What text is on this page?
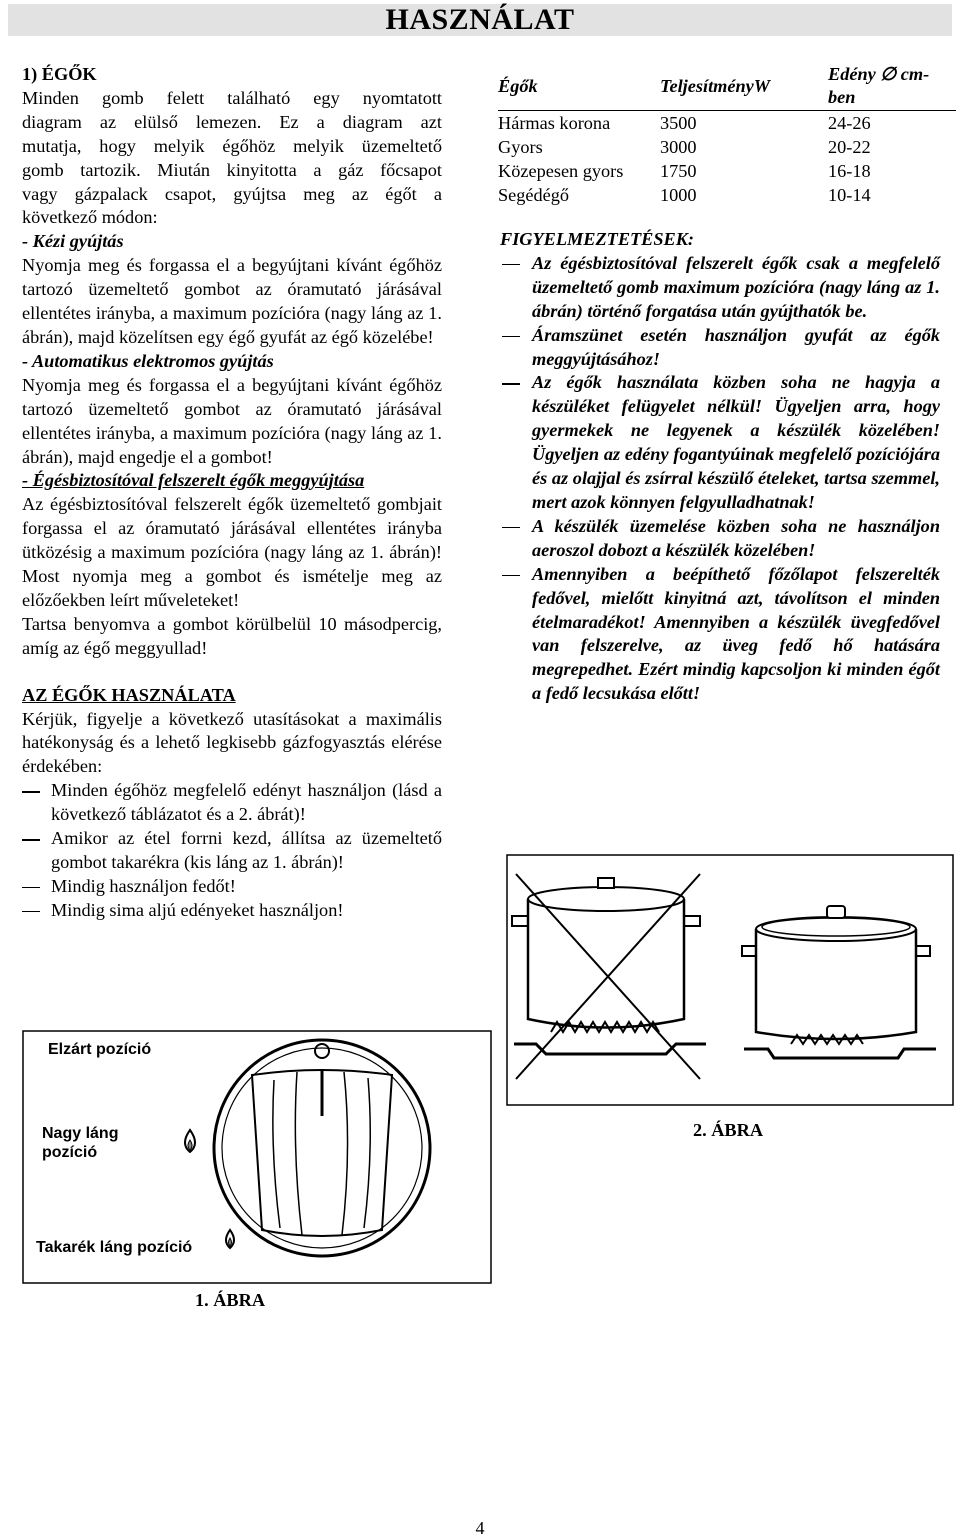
HASZNÁLAT

1) ÉGŐK

Minden gomb felett található egy nyomtatott
diagram az elülső lemezen. Ez a diagram azt
mutatja, hogy melyik égőhöz melyik üzemeltető
gomb tartozik. Miután kinyitotta a gáz főcsapot
vagy gázpalack csapot, gyújtsa meg az égőt a
következő módon:

- Kézi gyújtás

Nyomja meg és forgassa el a begyújtani kívánt égőhöz tartozó üzemeltető gombot az óramutató járásával ellentétes irányba, a maximum pozícióra (nagy láng az 1. ábrán), majd közelítsen egy égő gyufát az égő közelébe!

- Automatikus elektromos gyújtás

Nyomja meg és forgassa el a begyújtani kívánt égőhöz tartozó üzemeltető gombot az óramutató járásával ellentétes irányba, a maximum pozícióra (nagy láng az 1. ábrán), majd engedje el a gombot!

- Égésbiztosítóval felszerelt égők meggyújtása

Az égésbiztosítóval felszerelt égők üzemeltető gombjait forgassa el az óramutató járásával ellentétes irányba ütközésig a maximum pozícióra (nagy láng az 1. ábrán)! Most nyomja meg a gombot és ismételje meg az előzőekben leírt műveleteket!

Tartsa benyomva a gombot körülbelül 10 másodpercig, amíg az égő meggyullad!

AZ ÉGŐK HASZNÁLATA

Kérjük, figyelje a következő utasításokat a maximális hatékonyság és a lehető legkisebb gázfogyasztás elérése érdekében:

Minden égőhöz megfelelő edényt használjon (lásd a következő táblázatot és a 2. ábrát)!
Amikor az étel forrni kezd, állítsa az üzemeltető gombot takarékra (kis láng az 1. ábrán)!
Mindig használjon fedőt!
Mindig sima aljú edényeket használjon!
Égők	TeljesítményW	Edény ∅ cm-ben
Hármas korona	3500	24-26
Gyors	3000	20-22
Közepesen gyors	1750	16-18
Segédégő	1000	10-14

FIGYELMEZTETÉSEK:

Az égésbiztosítóval felszerelt égők csak a megfelelő üzemeltető gomb maximum pozícióra (nagy láng az 1. ábrán) történő forgatása után gyújthatók be.
Áramszünet esetén használjon gyufát az égők meggyújtásához!
Az égők használata közben soha ne hagyja a készüléket felügyelet nélkül! Ügyeljen arra, hogy gyermekek ne legyenek a készülék közelében! Ügyeljen az edény fogantyúinak megfelelő pozíciójára és az olajjal és zsírral készülő ételeket, tartsa szemmel, mert azok könnyen felgyulladhatnak!
A készülék üzemelése közben soha ne használjon aeroszol dobozt a készülék közelében!
Amennyiben a beépíthető főzőlapot felszerelték fedővel, mielőtt kinyitná azt, távolítson el minden ételmaradékot! Amennyiben a készülék üvegfedővel van felszerelve, az üveg fedő hő hatására megrepedhet. Ezért mindig kapcsoljon ki minden égőt a fedő lecsukása előtt!
2. ÁBRA
Elzárt pozíció
Nagy láng
pozíció
Takarék láng pozíció
1. ÁBRA
4
